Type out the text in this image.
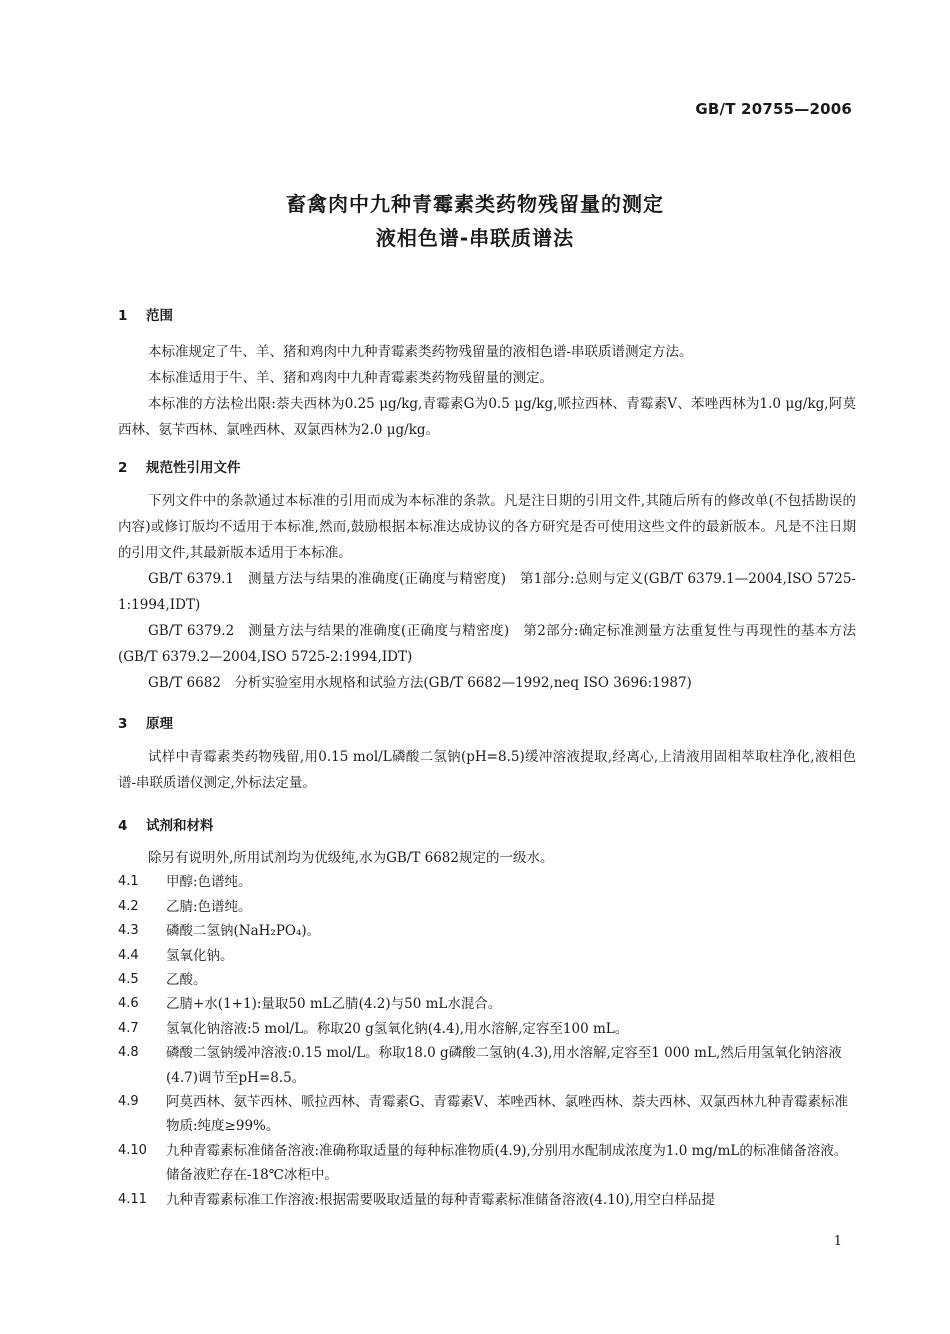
GB/T 20755—2006
畜禽肉中九种青霉素类药物残留量的测定
液相色谱-串联质谱法
1 范围

本标准规定了牛、羊、猪和鸡肉中九种青霉素类药物残留量的液相色谱-串联质谱测定方法。

本标准适用于牛、羊、猪和鸡肉中九种青霉素类药物残留量的测定。

本标准的方法检出限:萘夫西林为0.25 μg/kg,青霉素G为0.5 μg/kg,哌拉西林、青霉素V、苯唑西林为1.0 μg/kg,阿莫西林、氨苄西林、氯唑西林、双氯西林为2.0 μg/kg。

2 规范性引用文件

下列文件中的条款通过本标准的引用而成为本标准的条款。凡是注日期的引用文件,其随后所有的修改单(不包括勘误的内容)或修订版均不适用于本标准,然而,鼓励根据本标准达成协议的各方研究是否可使用这些文件的最新版本。凡是不注日期的引用文件,其最新版本适用于本标准。

GB/T 6379.1　测量方法与结果的准确度(正确度与精密度)　第1部分:总则与定义(GB/T 6379.1—2004,ISO 5725-1:1994,IDT)

GB/T 6379.2　测量方法与结果的准确度(正确度与精密度)　第2部分:确定标准测量方法重复性与再现性的基本方法(GB/T 6379.2—2004,ISO 5725-2:1994,IDT)

GB/T 6682　分析实验室用水规格和试验方法(GB/T 6682—1992,neq ISO 3696:1987)

3 原理

试样中青霉素类药物残留,用0.15 mol/L磷酸二氢钠(pH=8.5)缓冲溶液提取,经离心,上清液用固相萃取柱净化,液相色谱-串联质谱仪测定,外标法定量。

4 试剂和材料

除另有说明外,所用试剂均为优级纯,水为GB/T 6682规定的一级水。

4.1	甲醇:色谱纯。
4.2	乙腈:色谱纯。
4.3	磷酸二氢钠(NaH₂PO₄)。
4.4	氢氧化钠。
4.5	乙酸。
4.6	乙腈+水(1+1):量取50 mL乙腈(4.2)与50 mL水混合。
4.7	氢氧化钠溶液:5 mol/L。称取20 g氢氧化钠(4.4),用水溶解,定容至100 mL。
4.8	磷酸二氢钠缓冲溶液:0.15 mol/L。称取18.0 g磷酸二氢钠(4.3),用水溶解,定容至1 000 mL,然后用氢氧化钠溶液(4.7)调节至pH=8.5。
4.9	阿莫西林、氨苄西林、哌拉西林、青霉素G、青霉素V、苯唑西林、氯唑西林、萘夫西林、双氯西林九种青霉素标准物质:纯度≥99%。
4.10	九种青霉素标准储备溶液:准确称取适量的每种标准物质(4.9),分别用水配制成浓度为1.0 mg/mL的标准储备溶液。储备液贮存在-18℃冰柜中。
4.11	九种青霉素标准工作溶液:根据需要吸取适量的每种青霉素标准储备溶液(4.10),用空白样品提
1
